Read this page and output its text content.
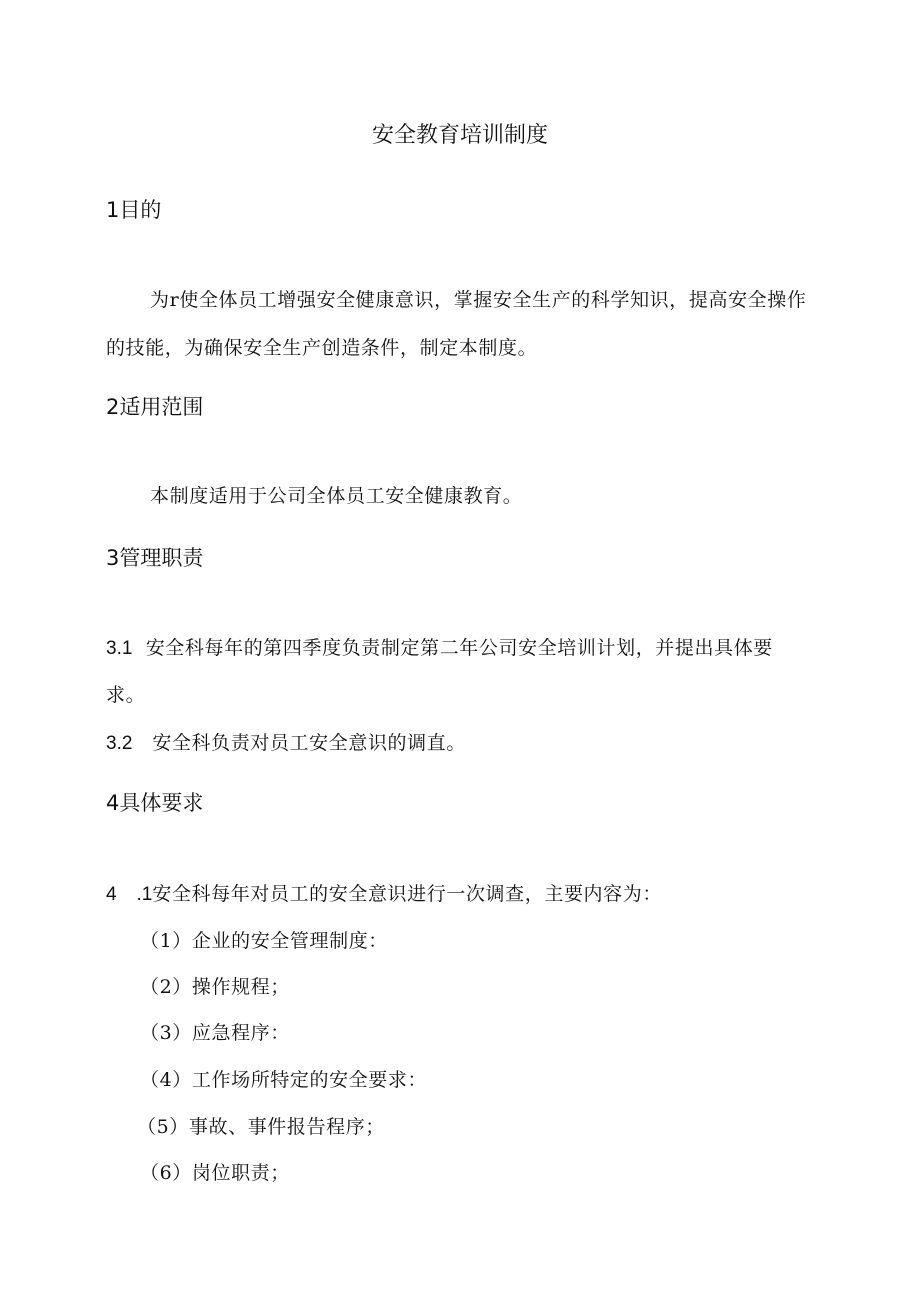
安全教育培训制度
1目的
为r使全体员工增强安全健康意识，掌握安全生产的科学知识，提高安全操作
的技能，为确保安全生产创造条件，制定本制度。
2适用范围
本制度适用于公司全体员工安全健康教育。
3管理职责
3.1 安全科每年的第四季度负责制定第二年公司安全培训计划，并提出具体要
求。
3.2 安全科负责对员工安全意识的调直。
4具体要求
4 .1安全科每年对员工的安全意识进行一次调查，主要内容为：
（1）企业的安全管理制度：
（2）操作规程；
（3）应急程序：
（4）工作场所特定的安全要求：
（5）事故、事件报告程序；
（6）岗位职责；
